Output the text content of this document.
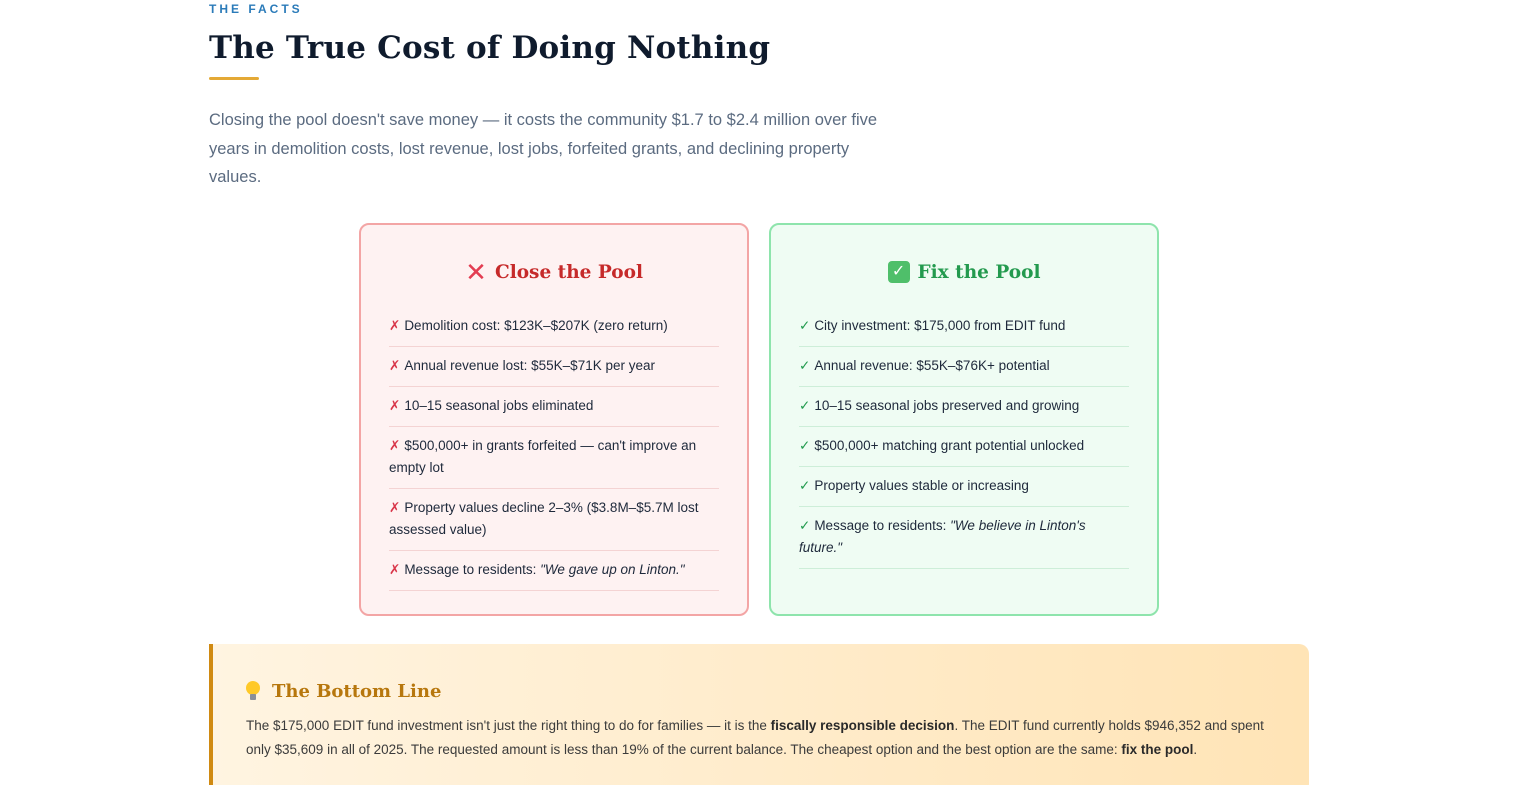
THE FACTS
The True Cost of Doing Nothing

Closing the pool doesn't save money — it costs the community $1.7 to $2.4 million over five years in demolition costs, lost revenue, lost jobs, forfeited grants, and declining property values.

✕ Close the Pool
✗ Demolition cost: $123K–$207K (zero return)
✗ Annual revenue lost: $55K–$71K per year
✗ 10–15 seasonal jobs eliminated
✗ $500,000+ in grants forfeited — can't improve an empty lot
✗ Property values decline 2–3% ($3.8M–$5.7M lost assessed value)
✗ Message to residents: "We gave up on Linton."
✓ Fix the Pool
✓ City investment: $175,000 from EDIT fund
✓ Annual revenue: $55K–$76K+ potential
✓ 10–15 seasonal jobs preserved and growing
✓ $500,000+ matching grant potential unlocked
✓ Property values stable or increasing
✓ Message to residents: "We believe in Linton's future."
The Bottom Line

The $175,000 EDIT fund investment isn't just the right thing to do for families — it is the fiscally responsible decision. The EDIT fund currently holds $946,352 and spent only $35,609 in all of 2025. The requested amount is less than 19% of the current balance. The cheapest option and the best option are the same: fix the pool.
